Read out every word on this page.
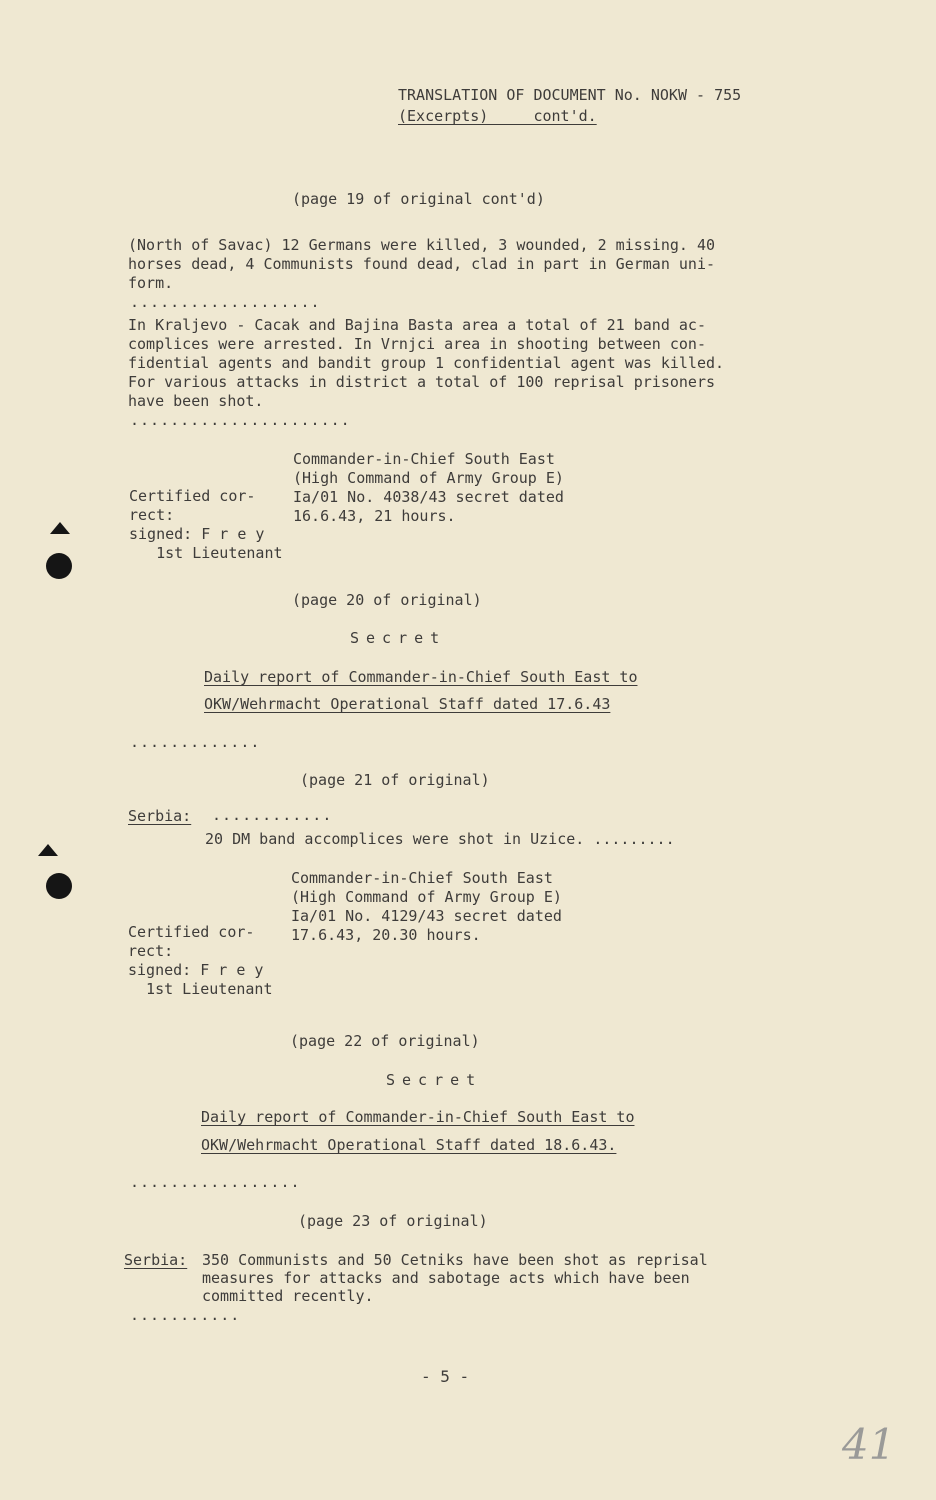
TRANSLATION OF DOCUMENT No. NOKW - 755
(Excerpts)     cont'd.
(page 19 of original cont'd)
(North of Savac) 12 Germans were killed, 3 wounded, 2 missing. 40
horses dead, 4 Communists found dead, clad in part in German uni-
form.
...................
In Kraljevo - Cacak and Bajina Basta area a total of 21 band ac-
complices were arrested. In Vrnjci area in shooting between con-
fidential agents and bandit group 1 confidential agent was killed.
For various attacks in district a total of 100 reprisal prisoners
have been shot.
......................
Commander-in-Chief South East
(High Command of Army Group E)
Ia/01 No. 4038/43 secret dated
16.6.43, 21 hours.
Certified cor-
rect:
signed: F r e y
1st Lieutenant
(page 20 of original)
Secret
Daily report of Commander-in-Chief South East to
OKW/Wehrmacht Operational Staff dated 17.6.43
.............
(page 21 of original)
Serbia: ............
20 DM band accomplices were shot in Uzice. .........
Commander-in-Chief South East
(High Command of Army Group E)
Ia/01 No. 4129/43 secret dated
17.6.43, 20.30 hours.
Certified cor-
rect:
signed: F r e y
1st Lieutenant
(page 22 of original)
Secret
Daily report of Commander-in-Chief South East to
OKW/Wehrmacht Operational Staff dated 18.6.43.
.................
(page 23 of original)
Serbia: 350 Communists and 50 Cetniks have been shot as reprisal
measures for attacks and sabotage acts which have been
committed recently.
...........
- 5 -
41
